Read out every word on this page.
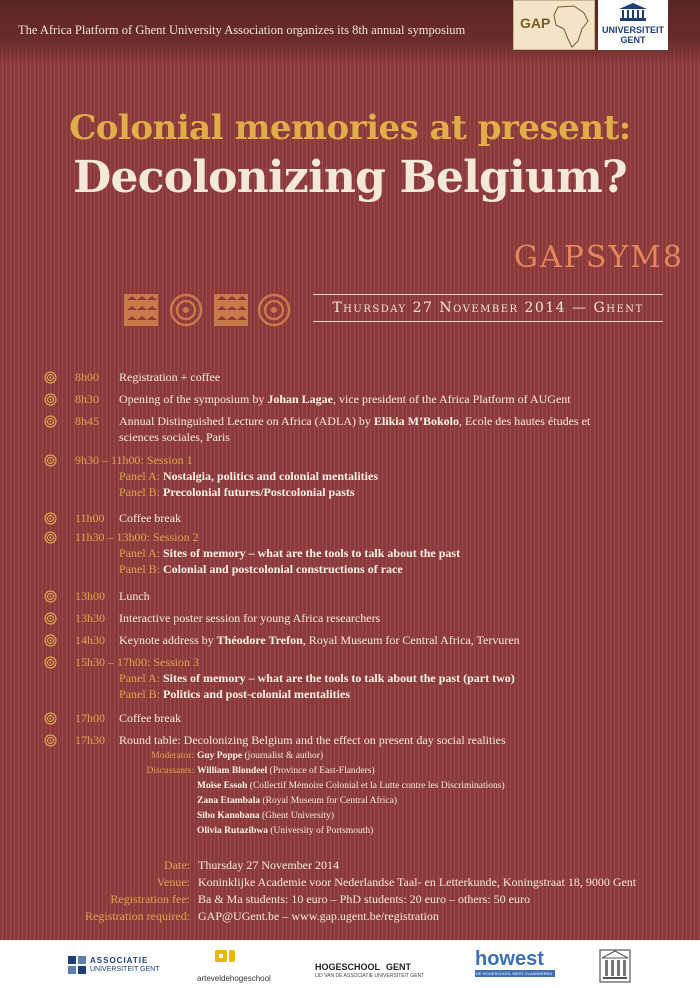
The Africa Platform of Ghent University Association organizes its 8th annual symposium	GAP	UNIVERSITEIT
GENT
Colonial memories at present:
Decolonizing Belgium?
GAPSYM8
Thursday 27 November 2014 — Ghent
8h00 Registration + coffee
8h30 Opening of the symposium by Johan Lagae, vice president of the Africa Platform of AUGent
8h45 Annual Distinguished Lecture on Africa (ADLA) by Elikia M’Bokolo, Ecole des hautes études et
sciences sociales, Paris
9h30 – 11h00: Session 1
Panel A: Nostalgia, politics and colonial mentalities
Panel B: Precolonial futures/Postcolonial pasts
11h00 Coffee break
11h30 – 13h00: Session 2
Panel A: Sites of memory – what are the tools to talk about the past
Panel B: Colonial and postcolonial constructions of race
13h00 Lunch
13h30 Interactive poster session for young Africa researchers
14h30 Keynote address by Théodore Trefon, Royal Museum for Central Africa, Tervuren
15h30 – 17h00: Session 3
Panel A: Sites of memory – what are the tools to talk about the past (part two)
Panel B: Politics and post-colonial mentalities
17h00 Coffee break
17h30 Round table: Decolonizing Belgium and the effect on present day social realities
Moderator: Guy Poppe (journalist & author)
Discussants: William Blondeel (Province of East-Flanders)
Moïse Essoh (Collectif Mémoire Colonial et la Lutte contre les Discriminations)
Zana Etambala (Royal Museum for Central Africa)
Sibo Kanobana (Ghent University)
Olivia Rutazibwa (University of Portsmouth)
Date: Thursday 27 November 2014
Venue: Koninklijke Academie voor Nederlandse Taal- en Letterkunde, Koningstraat 18, 9000 Gent
Registration fee: Ba & Ma students: 10 euro – PhD students: 20 euro – others: 50 euro
Registration required: GAP@UGent.be – www.gap.ugent.be/registration
ASSOCIATIE
UNIVERSITEIT GENT
arteveldehogeschool
HOGESCHOOL GENT
LID VAN DE ASSOCIATIE UNIVERSITEIT GENT
howest
DE HOGESCHOOL WEST-VLAANDEREN
